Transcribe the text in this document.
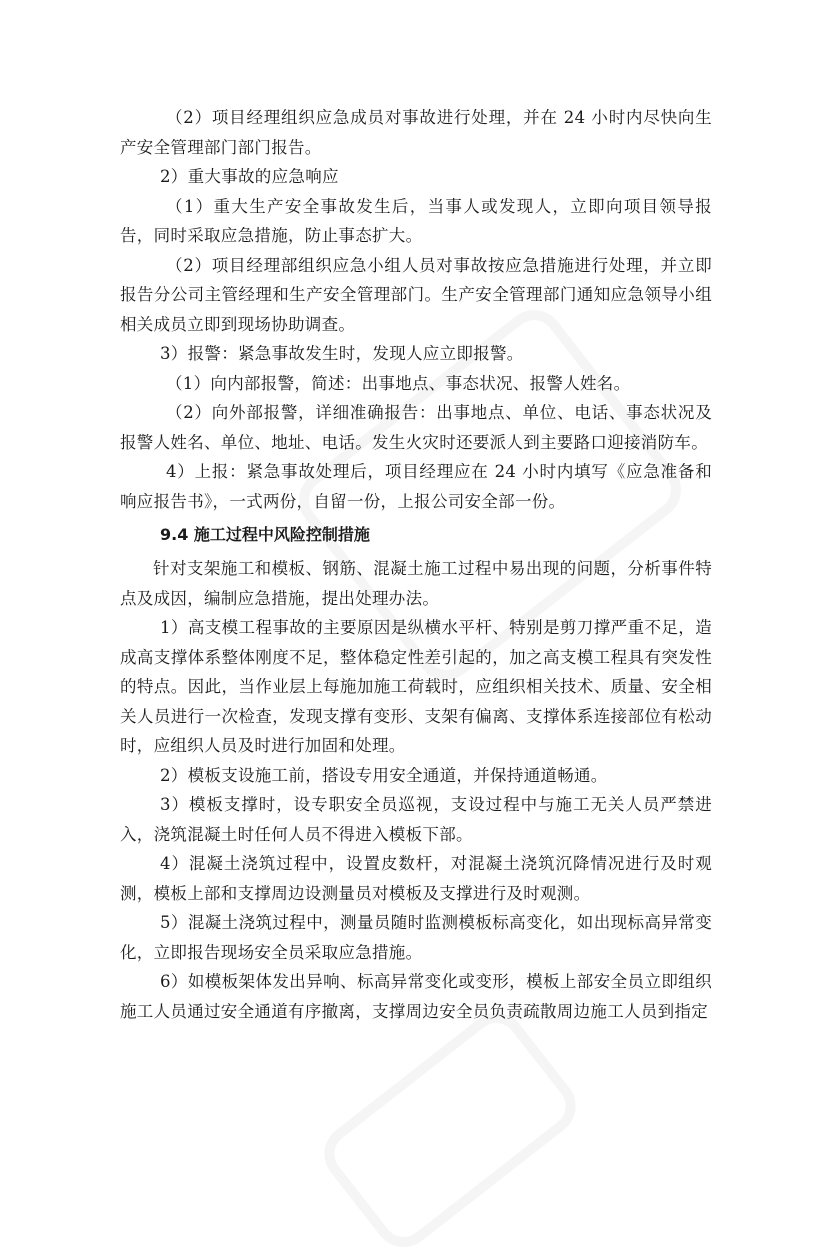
（2）项目经理组织应急成员对事故进行处理，并在 24 小时内尽快向生产安全管理部门部门报告。

2）重大事故的应急响应

（1）重大生产安全事故发生后，当事人或发现人，立即向项目领导报告，同时采取应急措施，防止事态扩大。

（2）项目经理部组织应急小组人员对事故按应急措施进行处理，并立即报告分公司主管经理和生产安全管理部门。生产安全管理部门通知应急领导小组相关成员立即到现场协助调查。

3）报警：紧急事故发生时，发现人应立即报警。

（1）向内部报警，简述：出事地点、事态状况、报警人姓名。

（2）向外部报警，详细准确报告：出事地点、单位、电话、事态状况及报警人姓名、单位、地址、电话。发生火灾时还要派人到主要路口迎接消防车。

4）上报：紧急事故处理后，项目经理应在 24 小时内填写《应急准备和响应报告书》，一式两份，自留一份，上报公司安全部一份。

9.4 施工过程中风险控制措施

针对支架施工和模板、钢筋、混凝土施工过程中易出现的问题，分析事件特点及成因，编制应急措施，提出处理办法。

1）高支模工程事故的主要原因是纵横水平杆、特别是剪刀撑严重不足，造成高支撑体系整体刚度不足，整体稳定性差引起的，加之高支模工程具有突发性的特点。因此，当作业层上每施加施工荷载时，应组织相关技术、质量、安全相关人员进行一次检查，发现支撑有变形、支架有偏离、支撑体系连接部位有松动时，应组织人员及时进行加固和处理。

2）模板支设施工前，搭设专用安全通道，并保持通道畅通。

3）模板支撑时，设专职安全员巡视，支设过程中与施工无关人员严禁进入，浇筑混凝土时任何人员不得进入模板下部。

4）混凝土浇筑过程中，设置皮数杆，对混凝土浇筑沉降情况进行及时观测，模板上部和支撑周边设测量员对模板及支撑进行及时观测。

5）混凝土浇筑过程中，测量员随时监测模板标高变化，如出现标高异常变化，立即报告现场安全员采取应急措施。

6）如模板架体发出异响、标高异常变化或变形，模板上部安全员立即组织施工人员通过安全通道有序撤离，支撑周边安全员负责疏散周边施工人员到指定
